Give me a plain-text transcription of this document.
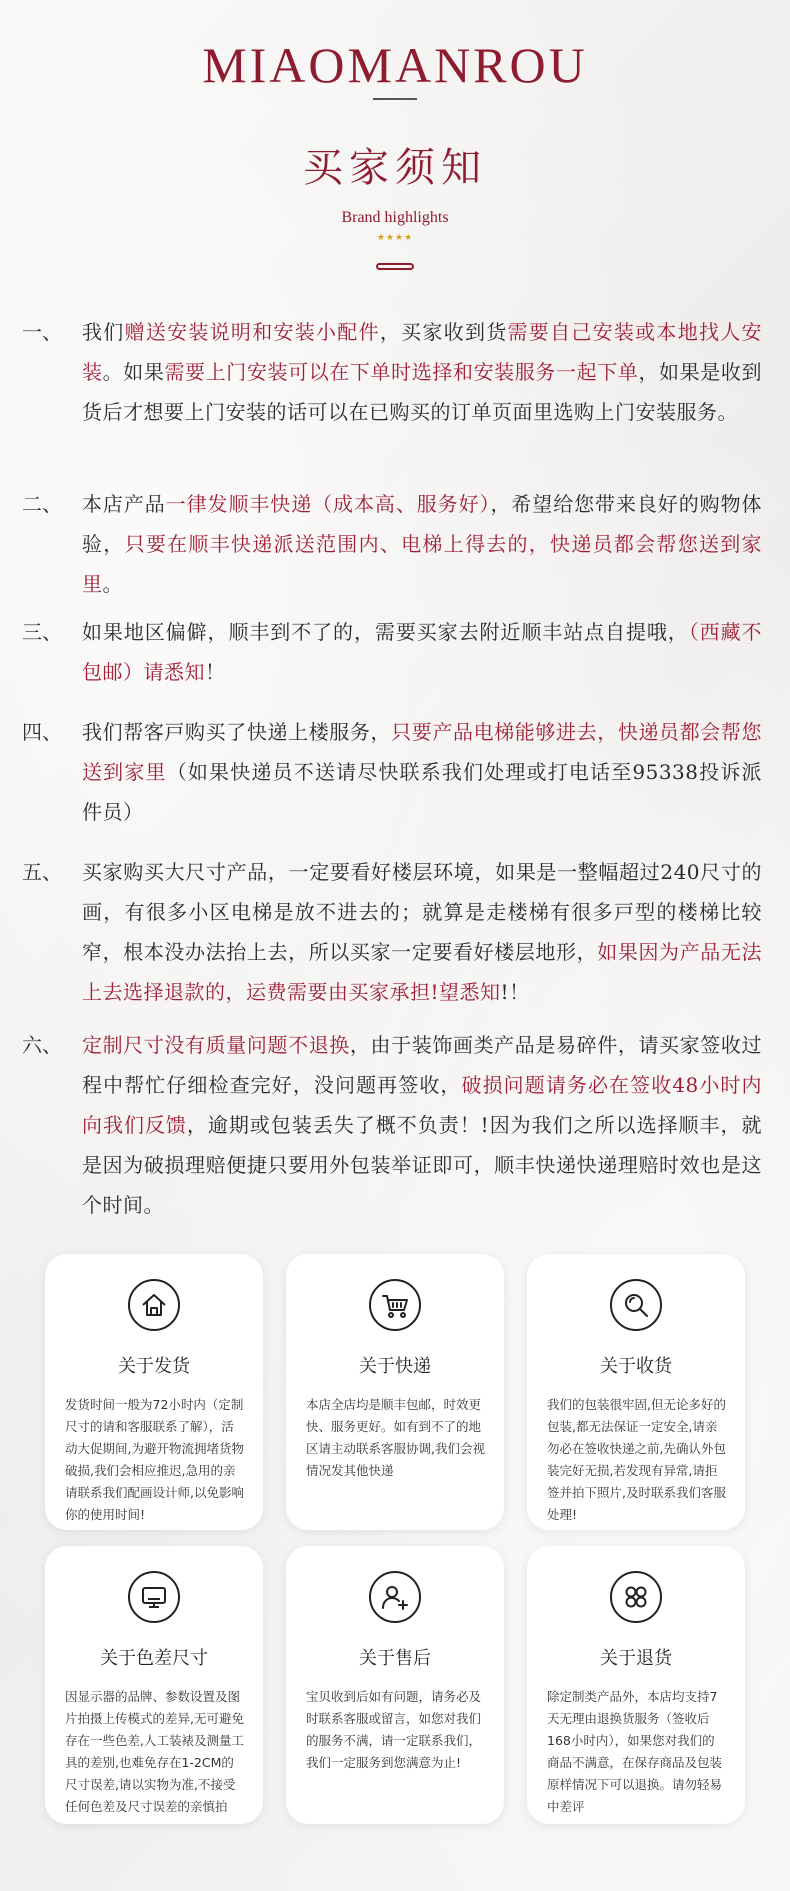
MIAOMANROU
买家须知
Brand highlights
★★★★
一、	我们赠送安装说明和安装小配件，买家收到货需要自己安装或本地找人安装。如果需要上门安装可以在下单时选择和安装服务一起下单，如果是收到货后才想要上门安装的话可以在已购买的订单页面里选购上门安装服务。
二、	本店产品一律发顺丰快递（成本高、服务好），希望给您带来良好的购物体验，只要在顺丰快递派送范围内、电梯上得去的，快递员都会帮您送到家里。
三、	如果地区偏僻，顺丰到不了的，需要买家去附近顺丰站点自提哦，（西藏不包邮）请悉知！
四、	我们帮客戸购买了快递上楼服务，只要产品电梯能够进去，快递员都会帮您送到家里（如果快递员不送请尽快联系我们处理或打电话至95338投诉派件员）
五、	买家购买大尺寸产品，一定要看好楼层环境，如果是一整幅超过240尺寸的画，有很多小区电梯是放不进去的；就算是走楼梯有很多戸型的楼梯比较窄，根本没办法抬上去，所以买家一定要看好楼层地形，如果因为产品无法上去选择退款的，运费需要由买家承担!望悉知!！
六、	定制尺寸没有质量问题不退换，由于装饰画类产品是易碎件，请买家签收过程中帮忙仔细检查完好，没问题再签收，破损问题请务必在签收48小时内向我们反馈，逾期或包装丢失了概不负责！!因为我们之所以选择顺丰，就是因为破损理赔便捷只要用外包装举证即可，顺丰快递快递理赔时效也是这个时间。
关于发货
发货时间一般为72小时内（定制尺寸的请和客服联系了解），活动大促期间,为避开物流拥堵货物破损,我们会相应推迟,急用的亲请联系我们配画设计师,以免影响你的使用时间!
关于快递
本店全店均是顺丰包邮，时效更快、服务更好。如有到不了的地区请主动联系客服协调,我们会视情况发其他快递
关于收货
我们的包装很牢固,但无论多好的包装,都无法保证一定安全,请亲勿必在签收快递之前,先确认外包装完好无损,若发现有异常,请拒签并拍下照片,及时联系我们客服处理!
关于色差尺寸
因显示器的品牌、参数设置及图片拍摄上传模式的差异,无可避免存在一些色差,人工装裱及测量工具的差别,也难免存在1-2CM的尺寸误差,请以实物为准,不接受任何色差及尺寸误差的亲慎拍
关于售后
宝贝收到后如有问题，请务必及时联系客服或留言，如您对我们的服务不满，请一定联系我们，我们一定服务到您满意为止!
关于退货
除定制类产品外，本店均支持7天无理由退换货服务（签收后168小时内），如果您对我们的商品不满意，在保存商品及包装原样情况下可以退换。请勿轻易中差评
